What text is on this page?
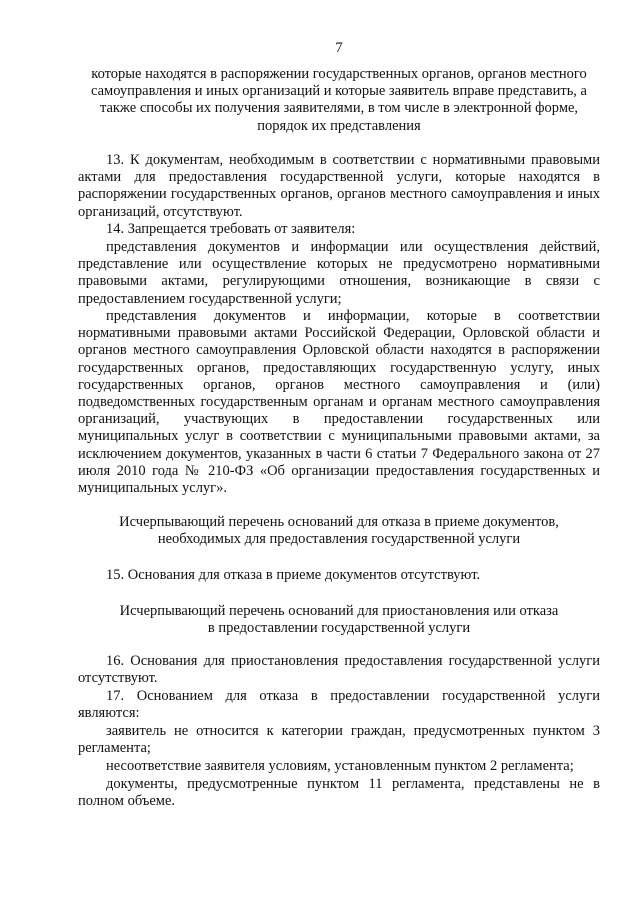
7
которые находятся в распоряжении государственных органов, органов местного самоуправления и иных организаций и которые заявитель вправе представить, а также способы их получения заявителями, в том числе в электронной форме, порядок их представления

13. К документам, необходимым в соответствии с нормативными правовыми актами для предоставления государственной услуги, которые находятся в распоряжении государственных органов, органов местного самоуправления и иных организаций, отсутствуют.

14. Запрещается требовать от заявителя:

представления документов и информации или осуществления действий, представление или осуществление которых не предусмотрено нормативными правовыми актами, регулирующими отношения, возникающие в связи с предоставлением государственной услуги;

представления документов и информации, которые в соответствии нормативными правовыми актами Российской Федерации, Орловской области и органов местного самоуправления Орловской области находятся в распоряжении государственных органов, предоставляющих государственную услугу, иных государственных органов, органов местного самоуправления и (или) подведомственных государственным органам и органам местного самоуправления организаций, участвующих в предоставлении государственных или муниципальных услуг в соответствии с муниципальными правовыми актами, за исключением документов, указанных в части 6 статьи 7 Федерального закона от 27 июля 2010 года № 210-ФЗ «Об организации предоставления государственных и муниципальных услуг».

Исчерпывающий перечень оснований для отказа в приеме документов,
необходимых для предоставления государственной услуги

15. Основания для отказа в приеме документов отсутствуют.

Исчерпывающий перечень оснований для приостановления или отказа
в предоставлении государственной услуги

16. Основания для приостановления предоставления государственной услуги отсутствуют.

17. Основанием для отказа в предоставлении государственной услуги являются:

заявитель не относится к категории граждан, предусмотренных пунктом 3 регламента;

несоответствие заявителя условиям, установленным пунктом 2 регламента;

документы, предусмотренные пунктом 11 регламента, представлены не в полном объеме.
